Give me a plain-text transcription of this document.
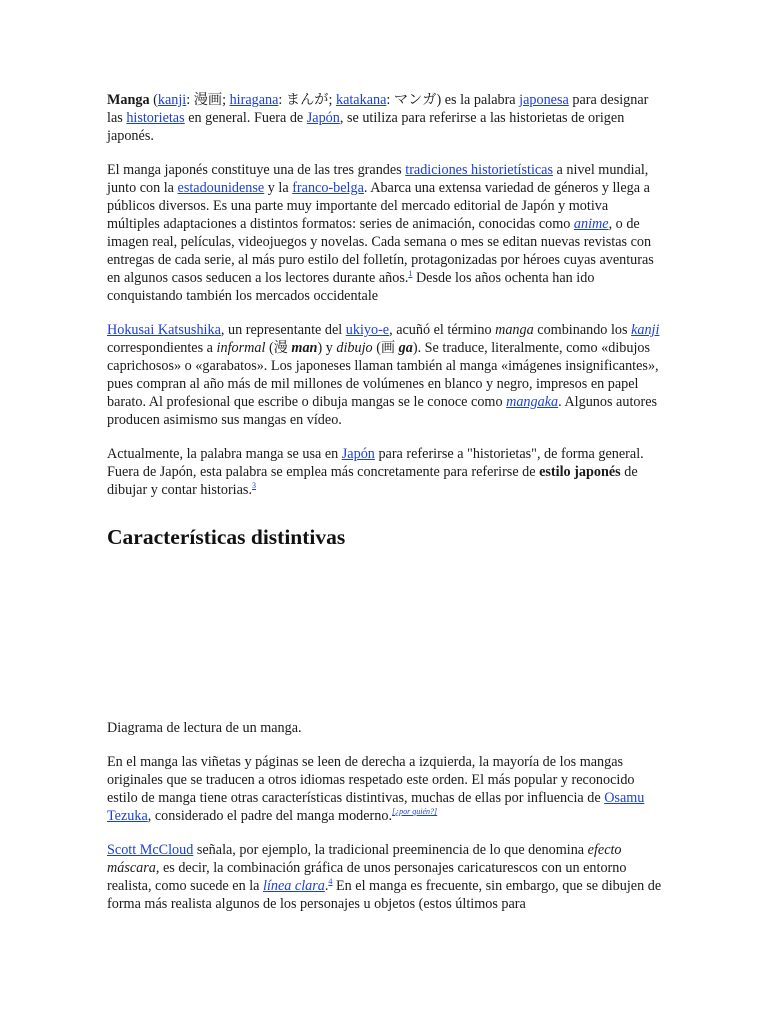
Manga (kanji: 漫画; hiragana: まんが; katakana: マンガ) es la palabra japonesa para designar las historietas en general. Fuera de Japón, se utiliza para referirse a las historietas de origen japonés.

El manga japonés constituye una de las tres grandes tradiciones historietísticas a nivel mundial, junto con la estadounidense y la franco-belga. Abarca una extensa variedad de géneros y llega a públicos diversos. Es una parte muy importante del mercado editorial de Japón y motiva múltiples adaptaciones a distintos formatos: series de animación, conocidas como anime, o de imagen real, películas, videojuegos y novelas. Cada semana o mes se editan nuevas revistas con entregas de cada serie, al más puro estilo del folletín, protagonizadas por héroes cuyas aventuras en algunos casos seducen a los lectores durante años.$^1$ Desde los años ochenta han ido conquistando también los mercados occidentale

Hokusai Katsushika, un representante del ukiyo-e, acuñó el término manga combinando los kanji correspondientes a informal (漫 man) y dibujo (画 ga). Se traduce, literalmente, como «dibujos caprichosos» o «garabatos». Los japoneses llaman también al manga «imágenes insignificantes», pues compran al año más de mil millones de volúmenes en blanco y negro, impresos en papel barato. Al profesional que escribe o dibuja mangas se le conoce como mangaka. Algunos autores producen asimismo sus mangas en vídeo.

Actualmente, la palabra manga se usa en Japón para referirse a "historietas", de forma general. Fuera de Japón, esta palabra se emplea más concretamente para referirse de estilo japonés de dibujar y contar historias.$^3$

Características distintivas

Diagrama de lectura de un manga.

En el manga las viñetas y páginas se leen de derecha a izquierda, la mayoría de los mangas originales que se traducen a otros idiomas respetado este orden. El más popular y reconocido estilo de manga tiene otras características distintivas, muchas de ellas por influencia de Osamu Tezuka, considerado el padre del manga moderno.[¿por quién?]

Scott McCloud señala, por ejemplo, la tradicional preeminencia de lo que denomina efecto máscara, es decir, la combinación gráfica de unos personajes caricaturescos con un entorno realista, como sucede en la línea clara.$^4$ En el manga es frecuente, sin embargo, que se dibujen de forma más realista algunos de los personajes u objetos (estos últimos para
